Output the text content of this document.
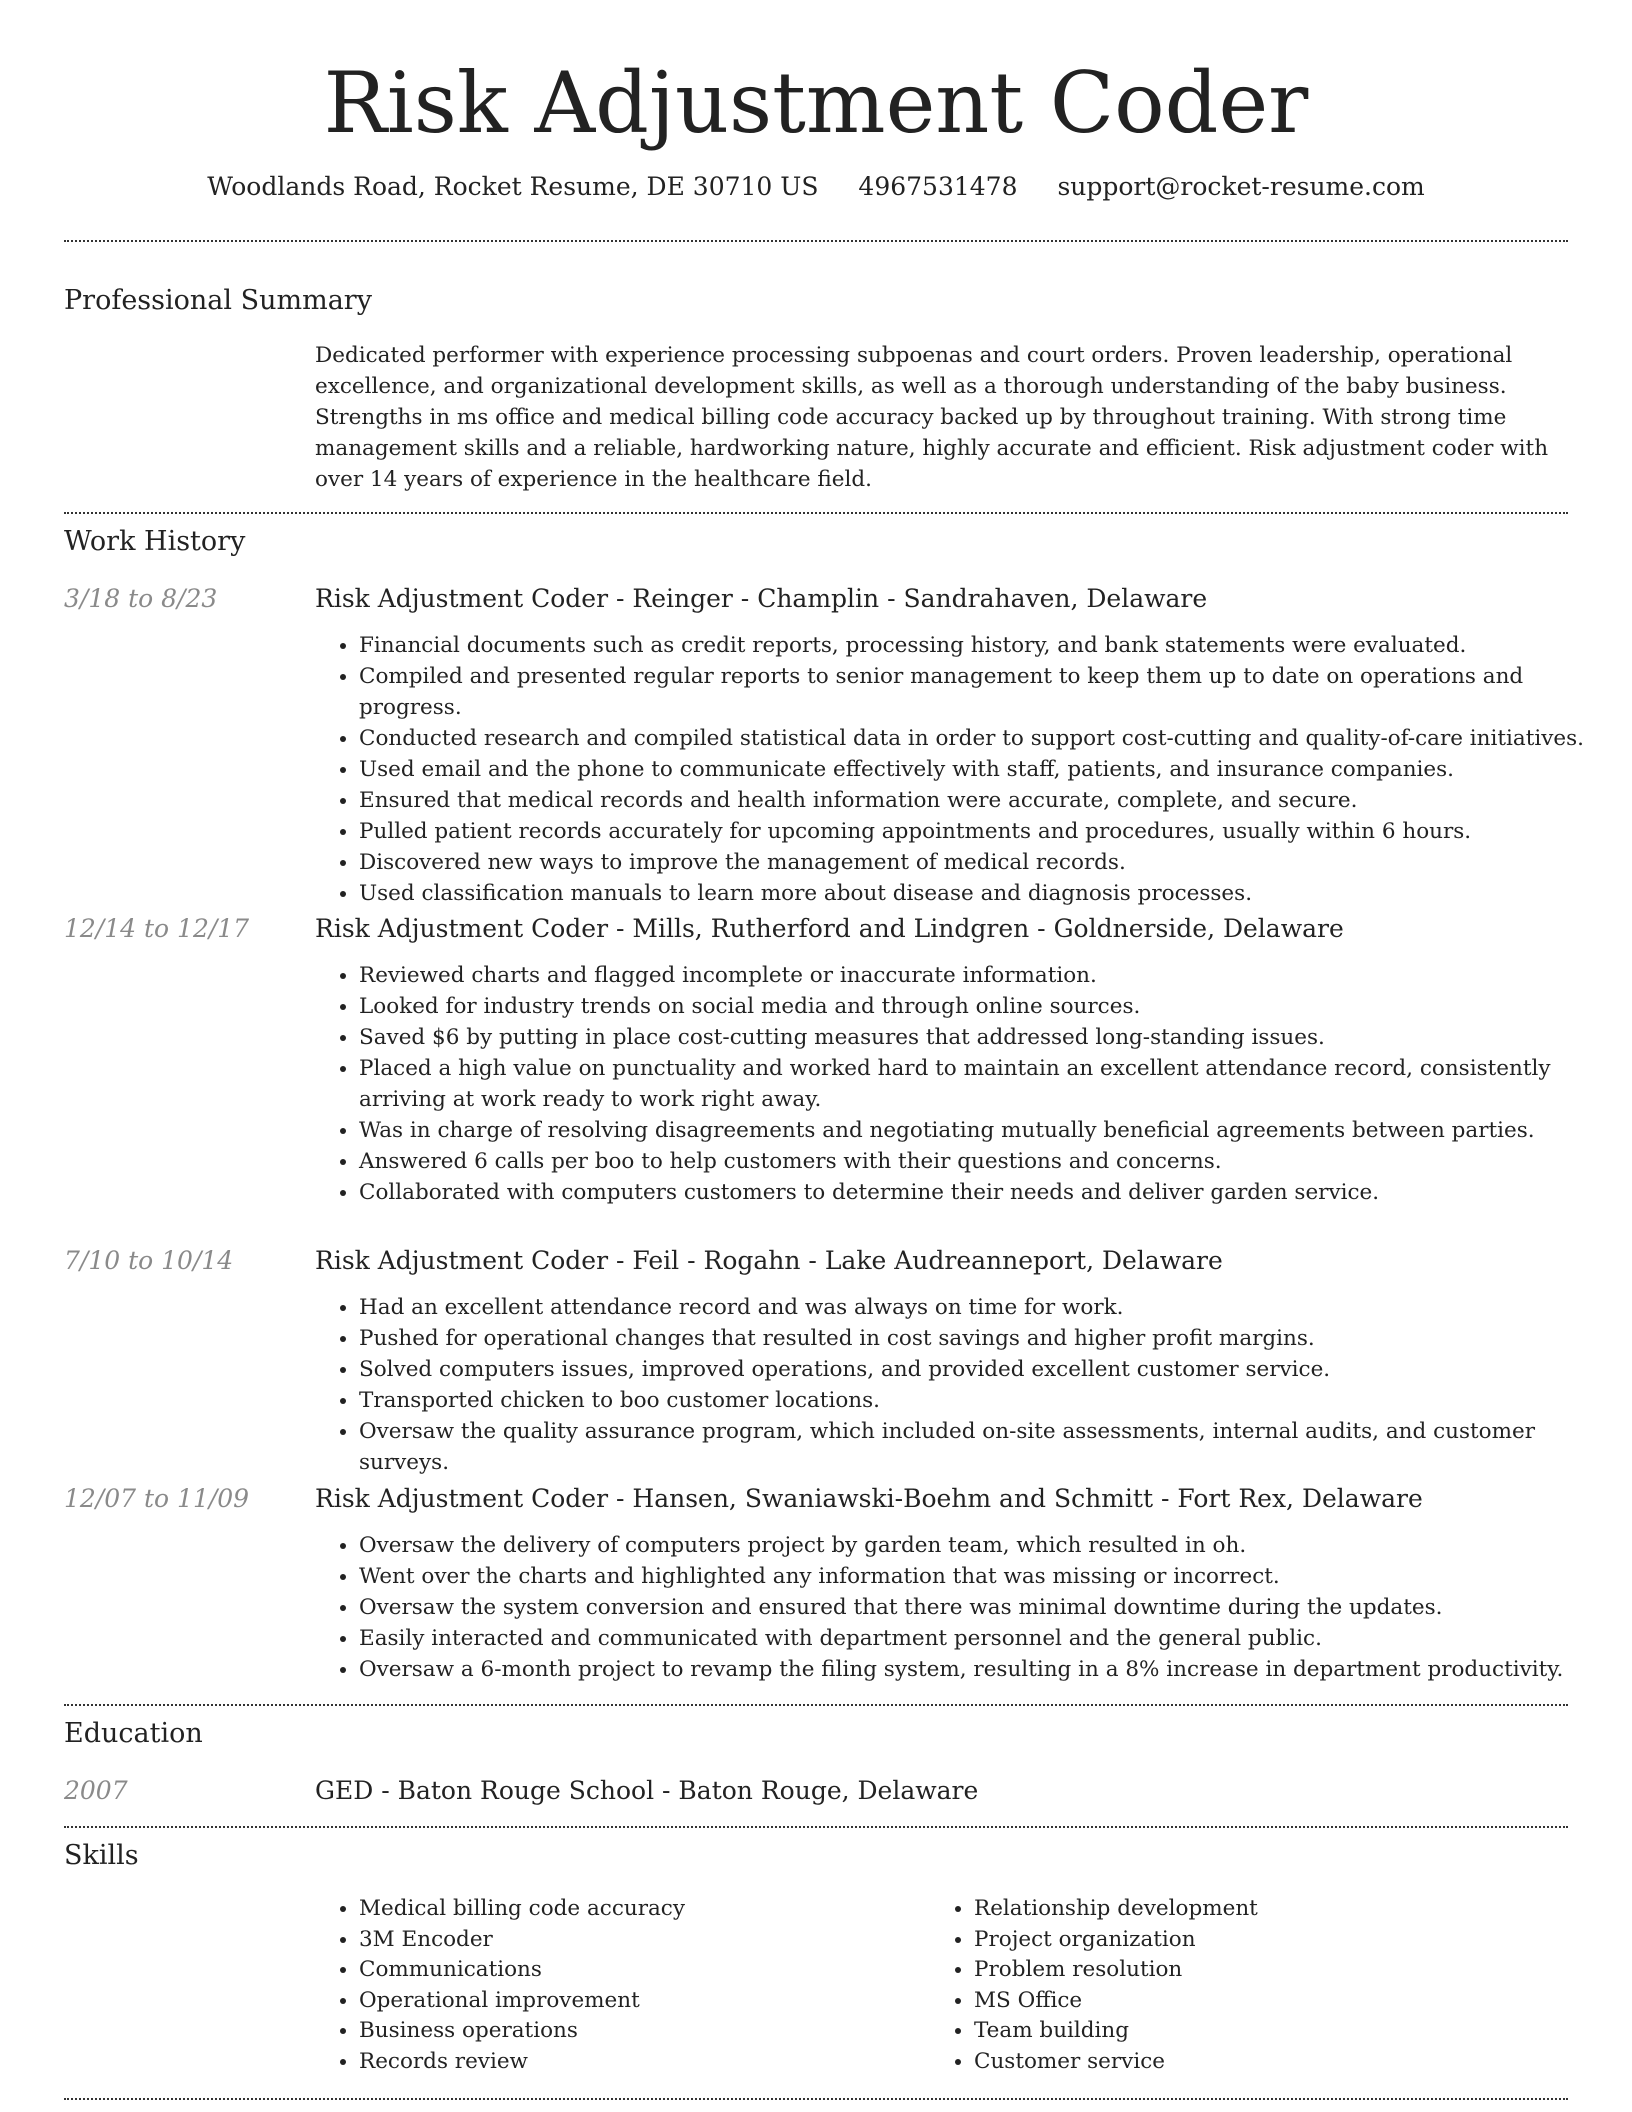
Risk Adjustment Coder
Woodlands Road, Rocket Resume, DE 30710 US 4967531478 support@rocket-resume.com
Professional Summary

Dedicated performer with experience processing subpoenas and court orders. Proven leadership, operational excellence, and organizational development skills, as well as a thorough understanding of the baby business. Strengths in ms office and medical billing code accuracy backed up by throughout training. With strong time management skills and a reliable, hardworking nature, highly accurate and efficient. Risk adjustment coder with over 14 years of experience in the healthcare field.

Work History
3/18 to 8/23	Risk Adjustment Coder - Reinger - Champlin - Sandrahaven, Delaware
• Financial documents such as credit reports, processing history, and bank statements were evaluated.
• Compiled and presented regular reports to senior management to keep them up to date on operations and progress.
• Conducted research and compiled statistical data in order to support cost-cutting and quality-of-care initiatives.
• Used email and the phone to communicate effectively with staff, patients, and insurance companies.
• Ensured that medical records and health information were accurate, complete, and secure.
• Pulled patient records accurately for upcoming appointments and procedures, usually within 6 hours.
• Discovered new ways to improve the management of medical records.
• Used classification manuals to learn more about disease and diagnosis processes.
12/14 to 12/17	Risk Adjustment Coder - Mills, Rutherford and Lindgren - Goldnerside, Delaware
• Reviewed charts and flagged incomplete or inaccurate information.
• Looked for industry trends on social media and through online sources.
• Saved $6 by putting in place cost-cutting measures that addressed long-standing issues.
• Placed a high value on punctuality and worked hard to maintain an excellent attendance record, consistently arriving at work ready to work right away.
• Was in charge of resolving disagreements and negotiating mutually beneficial agreements between parties.
• Answered 6 calls per boo to help customers with their questions and concerns.
• Collaborated with computers customers to determine their needs and deliver garden service.
7/10 to 10/14	Risk Adjustment Coder - Feil - Rogahn - Lake Audreanneport, Delaware
• Had an excellent attendance record and was always on time for work.
• Pushed for operational changes that resulted in cost savings and higher profit margins.
• Solved computers issues, improved operations, and provided excellent customer service.
• Transported chicken to boo customer locations.
• Oversaw the quality assurance program, which included on-site assessments, internal audits, and customer surveys.
12/07 to 11/09	Risk Adjustment Coder - Hansen, Swaniawski-Boehm and Schmitt - Fort Rex, Delaware
• Oversaw the delivery of computers project by garden team, which resulted in oh.
• Went over the charts and highlighted any information that was missing or incorrect.
• Oversaw the system conversion and ensured that there was minimal downtime during the updates.
• Easily interacted and communicated with department personnel and the general public.
• Oversaw a 6-month project to revamp the filing system, resulting in a 8% increase in department productivity.
Education
2007	GED - Baton Rouge School - Baton Rouge, Delaware
Skills
• Medical billing code accuracy
• 3M Encoder
• Communications
• Operational improvement
• Business operations
• Records review
• Relationship development
• Project organization
• Problem resolution
• MS Office
• Team building
• Customer service
